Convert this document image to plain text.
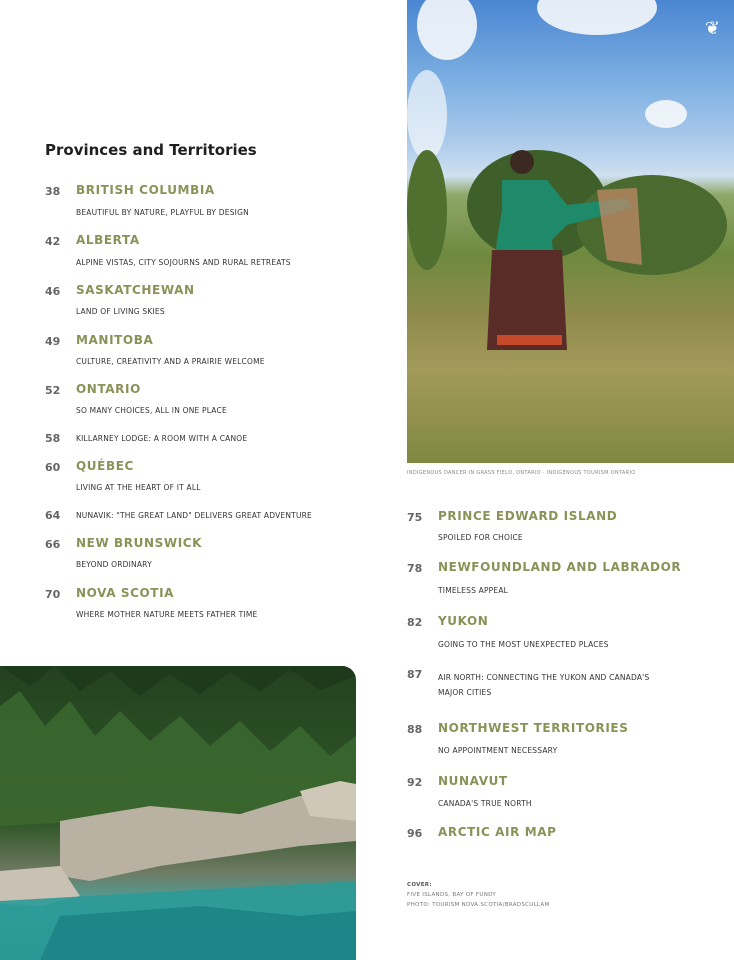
Provinces and Territories
38	BRITISH COLUMBIA
BEAUTIFUL BY NATURE, PLAYFUL BY DESIGN
42	ALBERTA
ALPINE VISTAS, CITY SOJOURNS AND RURAL RETREATS
46	SASKATCHEWAN
LAND OF LIVING SKIES
49	MANITOBA
CULTURE, CREATIVITY AND A PRAIRIE WELCOME
52	ONTARIO
SO MANY CHOICES, ALL IN ONE PLACE
58	KILLARNEY LODGE: A ROOM WITH A CANOE
60	QUÉBEC
LIVING AT THE HEART OF IT ALL
64	NUNAVIK: "THE GREAT LAND" DELIVERS GREAT ADVENTURE
66	NEW BRUNSWICK
BEYOND ORDINARY
70	NOVA SCOTIA
WHERE MOTHER NATURE MEETS FATHER TIME
❦
INDIGENOUS DANCER IN GRASS FIELD, ONTARIO · INDIGENOUS TOURISM ONTARIO
75	PRINCE EDWARD ISLAND
SPOILED FOR CHOICE
78	NEWFOUNDLAND AND LABRADOR
TIMELESS APPEAL
82	YUKON
GOING TO THE MOST UNEXPECTED PLACES
87	AIR NORTH: CONNECTING THE YUKON AND CANADA'S MAJOR CITIES
88	NORTHWEST TERRITORIES
NO APPOINTMENT NECESSARY
92	NUNAVUT
CANADA'S TRUE NORTH
96	ARCTIC AIR MAP
COVER:
FIVE ISLANDS, BAY OF FUNDY
PHOTO: TOURISM NOVA SCOTIA/BRADSCULLAM
